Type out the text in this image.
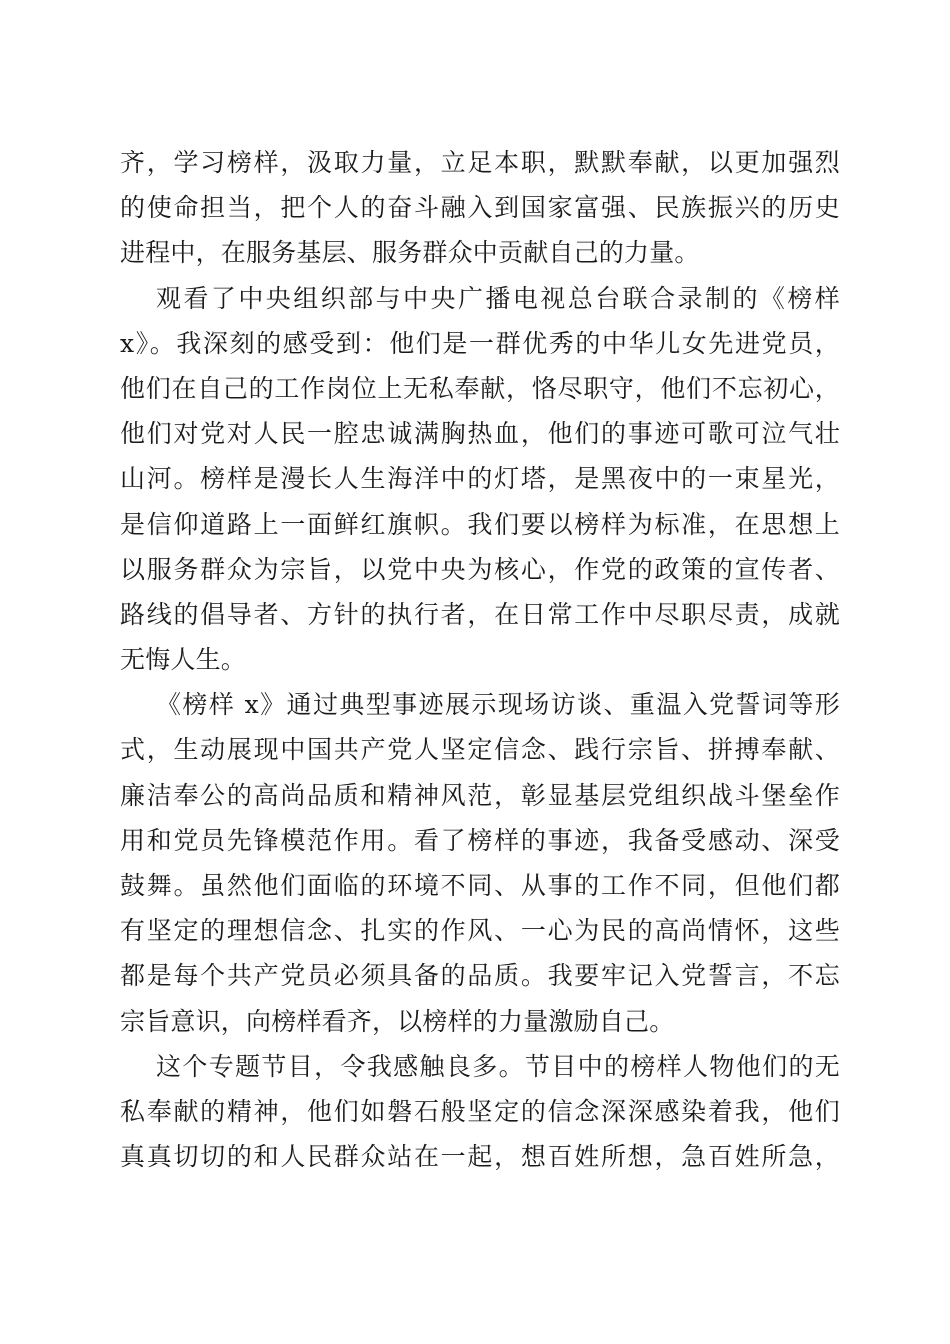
齐，学习榜样，汲取力量，立足本职，默默奉献，以更加强烈
的使命担当，把个人的奋斗融入到国家富强、民族振兴的历史
进程中，在服务基层、服务群众中贡献自己的力量。
观看了中央组织部与中央广播电视总台联合录制的《榜样
x》。我深刻的感受到：他们是一群优秀的中华儿女先进党员，
他们在自己的工作岗位上无私奉献，恪尽职守，他们不忘初心，
他们对党对人民一腔忠诚满胸热血，他们的事迹可歌可泣气壮
山河。榜样是漫长人生海洋中的灯塔，是黑夜中的一束星光，
是信仰道路上一面鲜红旗帜。我们要以榜样为标准，在思想上
以服务群众为宗旨，以党中央为核心，作党的政策的宣传者、
路线的倡导者、方针的执行者，在日常工作中尽职尽责，成就
无悔人生。
《榜样 x》通过典型事迹展示现场访谈、重温入党誓词等形
式，生动展现中国共产党人坚定信念、践行宗旨、拼搏奉献、
廉洁奉公的高尚品质和精神风范，彰显基层党组织战斗堡垒作
用和党员先锋模范作用。看了榜样的事迹，我备受感动、深受
鼓舞。虽然他们面临的环境不同、从事的工作不同，但他们都
有坚定的理想信念、扎实的作风、一心为民的高尚情怀，这些
都是每个共产党员必须具备的品质。我要牢记入党誓言，不忘
宗旨意识，向榜样看齐，以榜样的力量激励自己。
这个专题节目，令我感触良多。节目中的榜样人物他们的无
私奉献的精神，他们如磐石般坚定的信念深深感染着我，他们
真真切切的和人民群众站在一起，想百姓所想，急百姓所急，
